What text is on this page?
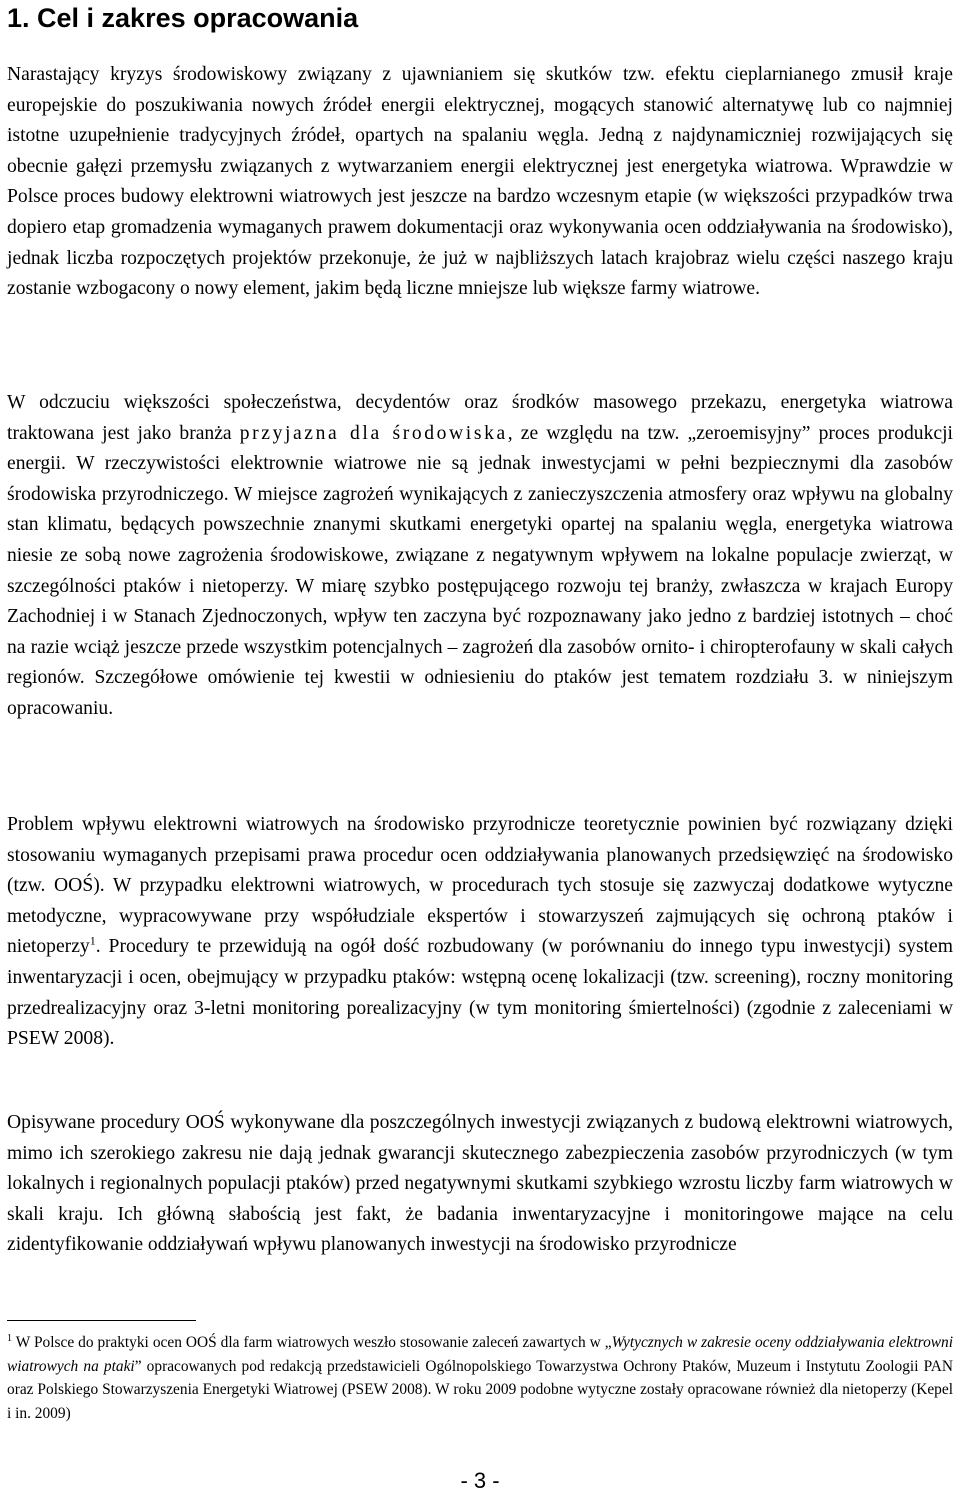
1. Cel i zakres opracowania

Narastający kryzys środowiskowy związany z ujawnianiem się skutków tzw. efektu cieplarnianego zmusił kraje europejskie do poszukiwania nowych źródeł energii elektrycznej, mogących stanowić alternatywę lub co najmniej istotne uzupełnienie tradycyjnych źródeł, opartych na spalaniu węgla. Jedną z najdynamiczniej rozwijających się obecnie gałęzi przemysłu związanych z wytwarzaniem energii elektrycznej jest energetyka wiatrowa. Wprawdzie w Polsce proces budowy elektrowni wiatrowych jest jeszcze na bardzo wczesnym etapie (w większości przypadków trwa dopiero etap gromadzenia wymaganych prawem dokumentacji oraz wykonywania ocen oddziaływania na środowisko), jednak liczba rozpoczętych projektów przekonuje, że już w najbliższych latach krajobraz wielu części naszego kraju zostanie wzbogacony o nowy element, jakim będą liczne mniejsze lub większe farmy wiatrowe.

W odczuciu większości społeczeństwa, decydentów oraz środków masowego przekazu, energetyka wiatrowa traktowana jest jako branża przyjazna dla środowiska, ze względu na tzw. „zeroemisyjny” proces produkcji energii. W rzeczywistości elektrownie wiatrowe nie są jednak inwestycjami w pełni bezpiecznymi dla zasobów środowiska przyrodniczego. W miejsce zagrożeń wynikających z zanieczyszczenia atmosfery oraz wpływu na globalny stan klimatu, będących powszechnie znanymi skutkami energetyki opartej na spalaniu węgla, energetyka wiatrowa niesie ze sobą nowe zagrożenia środowiskowe, związane z negatywnym wpływem na lokalne populacje zwierząt, w szczególności ptaków i nietoperzy. W miarę szybko postępującego rozwoju tej branży, zwłaszcza w krajach Europy Zachodniej i w Stanach Zjednoczonych, wpływ ten zaczyna być rozpoznawany jako jedno z bardziej istotnych – choć na razie wciąż jeszcze przede wszystkim potencjalnych – zagrożeń dla zasobów ornito- i chiropterofauny w skali całych regionów. Szczegółowe omówienie tej kwestii w odniesieniu do ptaków jest tematem rozdziału 3. w niniejszym opracowaniu.

Problem wpływu elektrowni wiatrowych na środowisko przyrodnicze teoretycznie powinien być rozwiązany dzięki stosowaniu wymaganych przepisami prawa procedur ocen oddziaływania planowanych przedsięwzięć na środowisko (tzw. OOŚ). W przypadku elektrowni wiatrowych, w procedurach tych stosuje się zazwyczaj dodatkowe wytyczne metodyczne, wypracowywane przy współudziale ekspertów i stowarzyszeń zajmujących się ochroną ptaków i nietoperzy$^1$. Procedury te przewidują na ogół dość rozbudowany (w porównaniu do innego typu inwestycji) system inwentaryzacji i ocen, obejmujący w przypadku ptaków: wstępną ocenę lokalizacji (tzw. screening), roczny monitoring przedrealizacyjny oraz 3-letni monitoring porealizacyjny (w tym monitoring śmiertelności) (zgodnie z zaleceniami w PSEW 2008).

Opisywane procedury OOŚ wykonywane dla poszczególnych inwestycji związanych z budową elektrowni wiatrowych, mimo ich szerokiego zakresu nie dają jednak gwarancji skutecznego zabezpieczenia zasobów przyrodniczych (w tym lokalnych i regionalnych populacji ptaków) przed negatywnymi skutkami szybkiego wzrostu liczby farm wiatrowych w skali kraju. Ich główną słabością jest fakt, że badania inwentaryzacyjne i monitoringowe mające na celu zidentyfikowanie oddziaływań wpływu planowanych inwestycji na środowisko przyrodnicze

$^1$ W Polsce do praktyki ocen OOŚ dla farm wiatrowych weszło stosowanie zaleceń zawartych w „Wytycznych w zakresie oceny oddziaływania elektrowni wiatrowych na ptaki” opracowanych pod redakcją przedstawicieli Ogólnopolskiego Towarzystwa Ochrony Ptaków, Muzeum i Instytutu Zoologii PAN oraz Polskiego Stowarzyszenia Energetyki Wiatrowej (PSEW 2008). W roku 2009 podobne wytyczne zostały opracowane również dla nietoperzy (Kepel i in. 2009)

- 3 -
